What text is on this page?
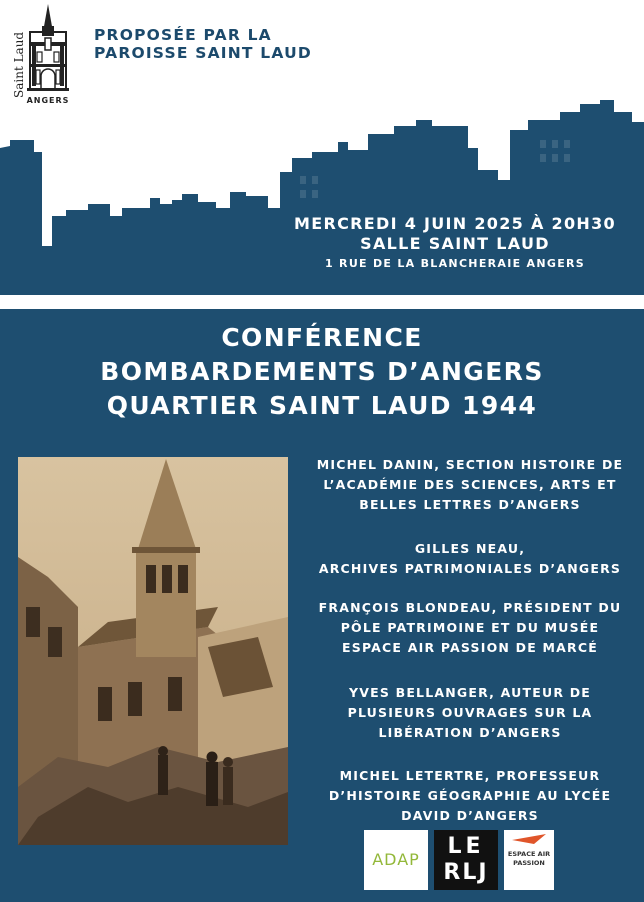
Saint Laud
ANGERS
PROPOSÉE PAR LA
PAROISSE SAINT LAUD
MERCREDI 4 JUIN 2025 À 20H30
SALLE SAINT LAUD
1 RUE DE LA BLANCHERAIE ANGERS
CONFÉRENCE
BOMBARDEMENTS D’ANGERS
QUARTIER SAINT LAUD 1944
MICHEL DANIN, SECTION HISTOIRE DE
L’ACADÉMIE DES SCIENCES, ARTS ET
BELLES LETTRES D’ANGERS
GILLES NEAU,
ARCHIVES PATRIMONIALES D’ANGERS
FRANÇOIS BLONDEAU, PRÉSIDENT DU
PÔLE PATRIMOINE ET DU MUSÉE
ESPACE AIR PASSION DE MARCÉ
YVES BELLANGER, AUTEUR DE
PLUSIEURS OUVRAGES SUR LA
LIBÉRATION D’ANGERS
MICHEL LETERTRE, PROFESSEUR
D’HISTOIRE GÉOGRAPHIE AU LYCÉE
DAVID D’ANGERS
ADAP
LE
RLJ
ESPACE AIR
PASSION
